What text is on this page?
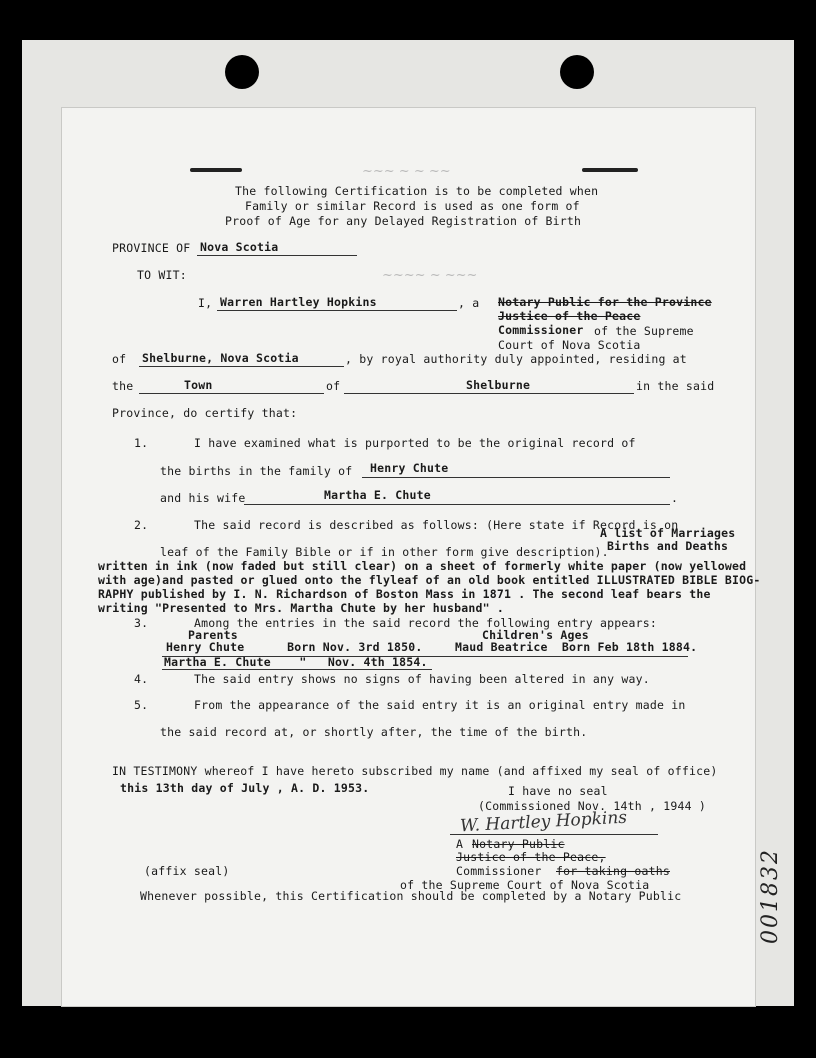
001832
~~~ ~ ~ ~~
~~~~ ~ ~~~
The following Certification is to be completed when
Family or similar Record is used as one form of
Proof of Age for any Delayed Registration of Birth
PROVINCE OF Nova Scotia
TO WIT:
I, Warren Hartley Hopkins	, a Notary Public for the Province
Justice of the Peace
Commissioner of the Supreme
Court of Nova Scotia
of Shelburne, Nova Scotia	, by royal authority duly appointed, residing at
the	Town	of	Shelburne	in the said
Province, do certify that:
1.	I have examined what is purported to be the original record of
the births in the family of Henry Chute
and his wife	Martha E. Chute	.
2.	The said record is described as follows: (Here state if Record is on
A list of Marriages
Births and Deaths
leaf of the Family Bible or if in other form give description).
written in ink (now faded but still clear) on a sheet of formerly white paper (now yellowed
with age)and pasted or glued onto the flyleaf of an old book entitled ILLUSTRATED BIBLE BIOG-
RAPHY published by I. N. Richardson of Boston Mass in 1871 . The second leaf bears the
writing "Presented to Mrs. Martha Chute by her husband" .
3.	Among the entries in the said record the following entry appears:
Parents	Children's Ages
Henry Chute      Born Nov. 3rd 1850.	Maud Beatrice  Born Feb 18th 1884.
Martha E. Chute    "   Nov. 4th 1854.
4.	The said entry shows no signs of having been altered in any way.
5.	From the appearance of the said entry it is an original entry made in
the said record at, or shortly after, the time of the birth.
IN TESTIMONY whereof I have hereto subscribed my name (and affixed my seal of office)
this 13th day of July , A. D. 1953.	I have no seal
(Commissioned Nov. 14th , 1944 )
W. Hartley Hopkins
A Notary Public
Justice of the Peace,
Commissioner for taking oaths
(affix seal)
of the Supreme Court of Nova Scotia
Whenever possible, this Certification should be completed by a Notary Public
